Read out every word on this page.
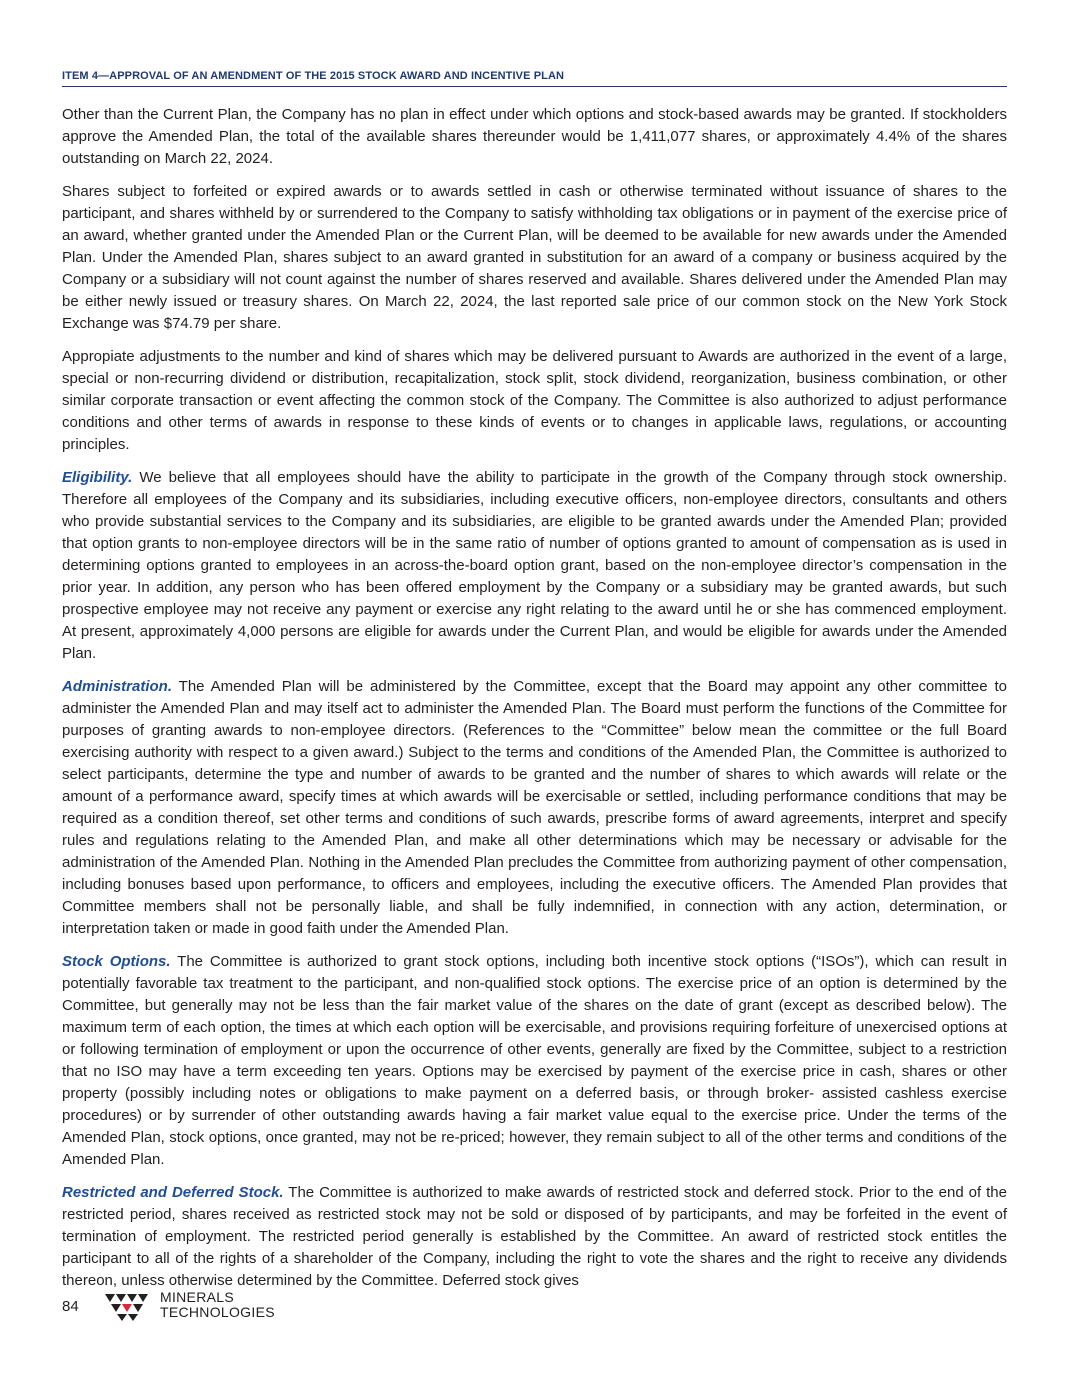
ITEM 4—APPROVAL OF AN AMENDMENT OF THE 2015 STOCK AWARD AND INCENTIVE PLAN

Other than the Current Plan, the Company has no plan in effect under which options and stock-based awards may be granted. If stockholders approve the Amended Plan, the total of the available shares thereunder would be 1,411,077 shares, or approximately 4.4% of the shares outstanding on March 22, 2024.

Shares subject to forfeited or expired awards or to awards settled in cash or otherwise terminated without issuance of shares to the participant, and shares withheld by or surrendered to the Company to satisfy withholding tax obligations or in payment of the exercise price of an award, whether granted under the Amended Plan or the Current Plan, will be deemed to be available for new awards under the Amended Plan. Under the Amended Plan, shares subject to an award granted in substitution for an award of a company or business acquired by the Company or a subsidiary will not count against the number of shares reserved and available. Shares delivered under the Amended Plan may be either newly issued or treasury shares. On March 22, 2024, the last reported sale price of our common stock on the New York Stock Exchange was $74.79 per share.

Appropiate adjustments to the number and kind of shares which may be delivered pursuant to Awards are authorized in the event of a large, special or non-recurring dividend or distribution, recapitalization, stock split, stock dividend, reorganization, business combination, or other similar corporate transaction or event affecting the common stock of the Company. The Committee is also authorized to adjust performance conditions and other terms of awards in response to these kinds of events or to changes in applicable laws, regulations, or accounting principles.

Eligibility. We believe that all employees should have the ability to participate in the growth of the Company through stock ownership. Therefore all employees of the Company and its subsidiaries, including executive officers, non-employee directors, consultants and others who provide substantial services to the Company and its subsidiaries, are eligible to be granted awards under the Amended Plan; provided that option grants to non-employee directors will be in the same ratio of number of options granted to amount of compensation as is used in determining options granted to employees in an across-the-board option grant, based on the non-employee director’s compensation in the prior year. In addition, any person who has been offered employment by the Company or a subsidiary may be granted awards, but such prospective employee may not receive any payment or exercise any right relating to the award until he or she has commenced employment. At present, approximately 4,000 persons are eligible for awards under the Current Plan, and would be eligible for awards under the Amended Plan.

Administration. The Amended Plan will be administered by the Committee, except that the Board may appoint any other committee to administer the Amended Plan and may itself act to administer the Amended Plan. The Board must perform the functions of the Committee for purposes of granting awards to non-employee directors. (References to the “Committee” below mean the committee or the full Board exercising authority with respect to a given award.) Subject to the terms and conditions of the Amended Plan, the Committee is authorized to select participants, determine the type and number of awards to be granted and the number of shares to which awards will relate or the amount of a performance award, specify times at which awards will be exercisable or settled, including performance conditions that may be required as a condition thereof, set other terms and conditions of such awards, prescribe forms of award agreements, interpret and specify rules and regulations relating to the Amended Plan, and make all other determinations which may be necessary or advisable for the administration of the Amended Plan. Nothing in the Amended Plan precludes the Committee from authorizing payment of other compensation, including bonuses based upon performance, to officers and employees, including the executive officers. The Amended Plan provides that Committee members shall not be personally liable, and shall be fully indemnified, in connection with any action, determination, or interpretation taken or made in good faith under the Amended Plan.

Stock Options. The Committee is authorized to grant stock options, including both incentive stock options (“ISOs”), which can result in potentially favorable tax treatment to the participant, and non-qualified stock options. The exercise price of an option is determined by the Committee, but generally may not be less than the fair market value of the shares on the date of grant (except as described below). The maximum term of each option, the times at which each option will be exercisable, and provisions requiring forfeiture of unexercised options at or following termination of employment or upon the occurrence of other events, generally are fixed by the Committee, subject to a restriction that no ISO may have a term exceeding ten years. Options may be exercised by payment of the exercise price in cash, shares or other property (possibly including notes or obligations to make payment on a deferred basis, or through broker- assisted cashless exercise procedures) or by surrender of other outstanding awards having a fair market value equal to the exercise price. Under the terms of the Amended Plan, stock options, once granted, may not be re-priced; however, they remain subject to all of the other terms and conditions of the Amended Plan.

Restricted and Deferred Stock. The Committee is authorized to make awards of restricted stock and deferred stock. Prior to the end of the restricted period, shares received as restricted stock may not be sold or disposed of by participants, and may be forfeited in the event of termination of employment. The restricted period generally is established by the Committee. An award of restricted stock entitles the participant to all of the rights of a shareholder of the Company, including the right to vote the shares and the right to receive any dividends thereon, unless otherwise determined by the Committee. Deferred stock gives

84
MINERALS
TECHNOLOGIES
